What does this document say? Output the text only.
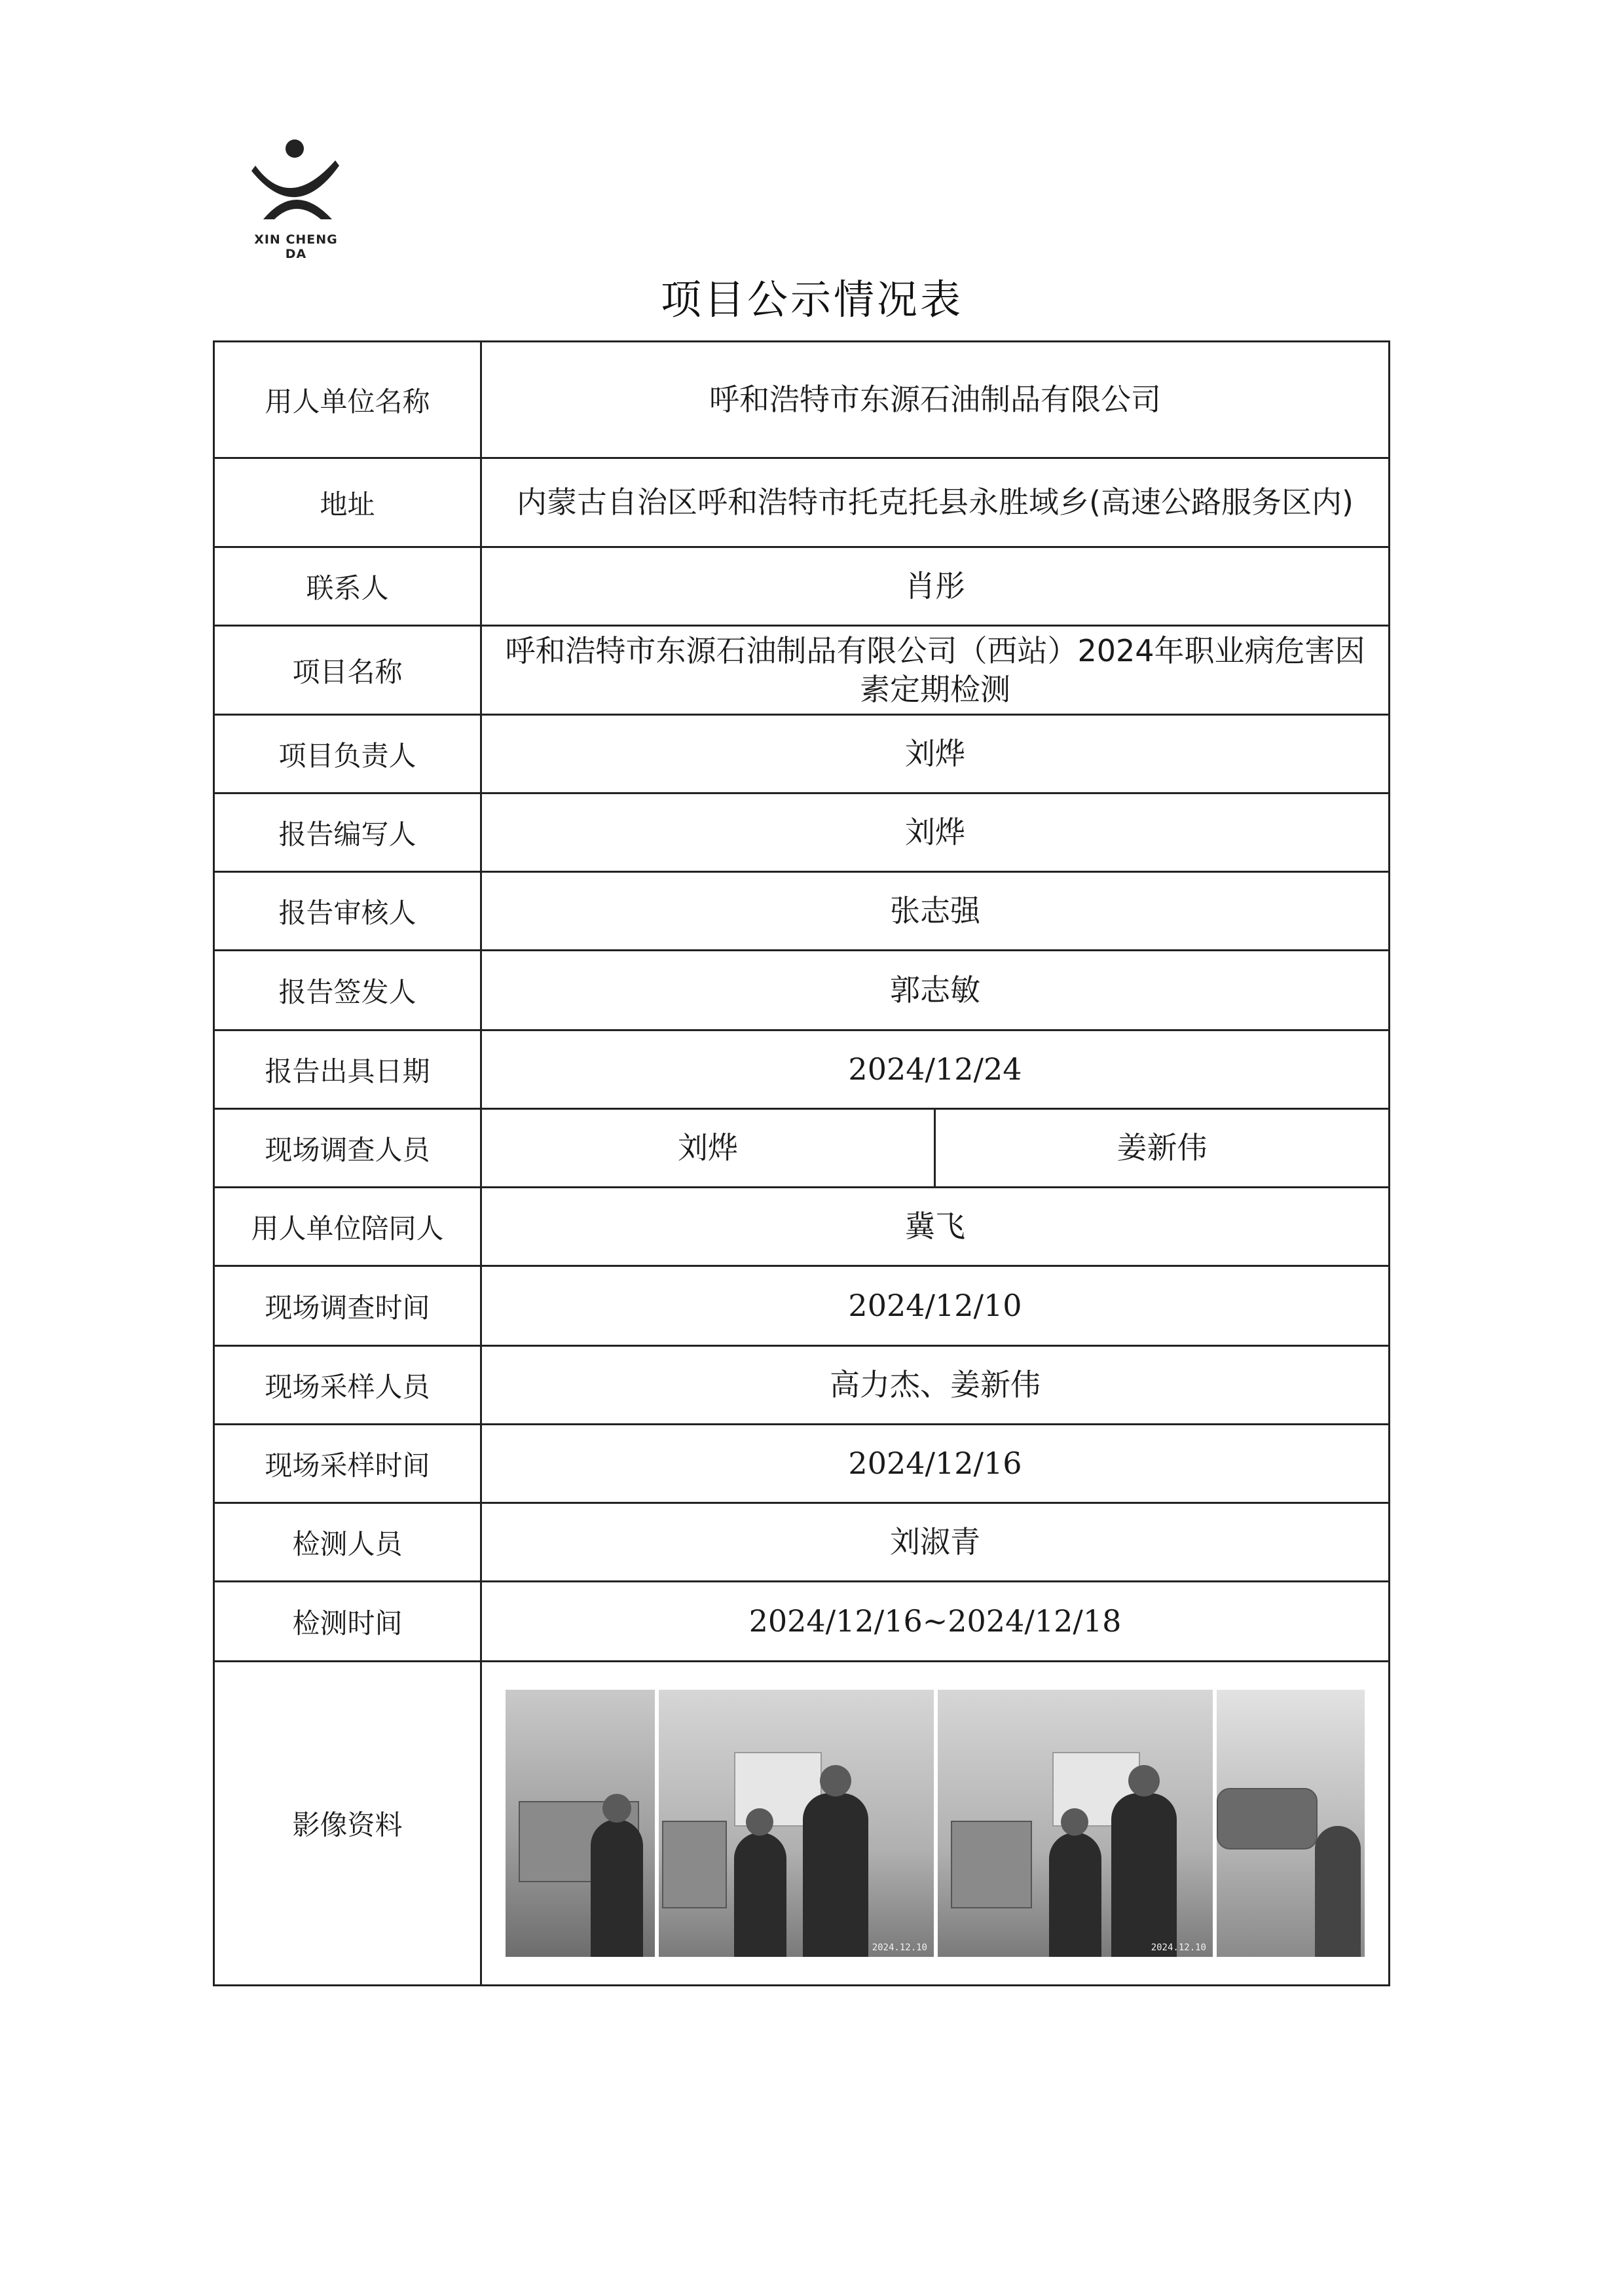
XIN CHENG DA
项目公示情况表
用人单位名称	呼和浩特市东源石油制品有限公司	
地址	内蒙古自治区呼和浩特市托克托县永胜域乡(高速公路服务区内)	
联系人	肖彤	
项目名称	呼和浩特市东源石油制品有限公司（西站）2024年职业病危害因素定期检测	
项目负责人	刘烨	
报告编写人	刘烨	
报告审核人	张志强	
报告签发人	郭志敏	
报告出具日期	2024/12/24	
现场调查人员	刘烨	姜新伟
用人单位陪同人	冀飞	
现场调查时间	2024/12/10	
现场采样人员	高力杰、姜新伟	
现场采样时间	2024/12/16	
检测人员	刘淑青	
检测时间	2024/12/16~2024/12/18	
影像资料	2024.12.10 2024.12.10	
